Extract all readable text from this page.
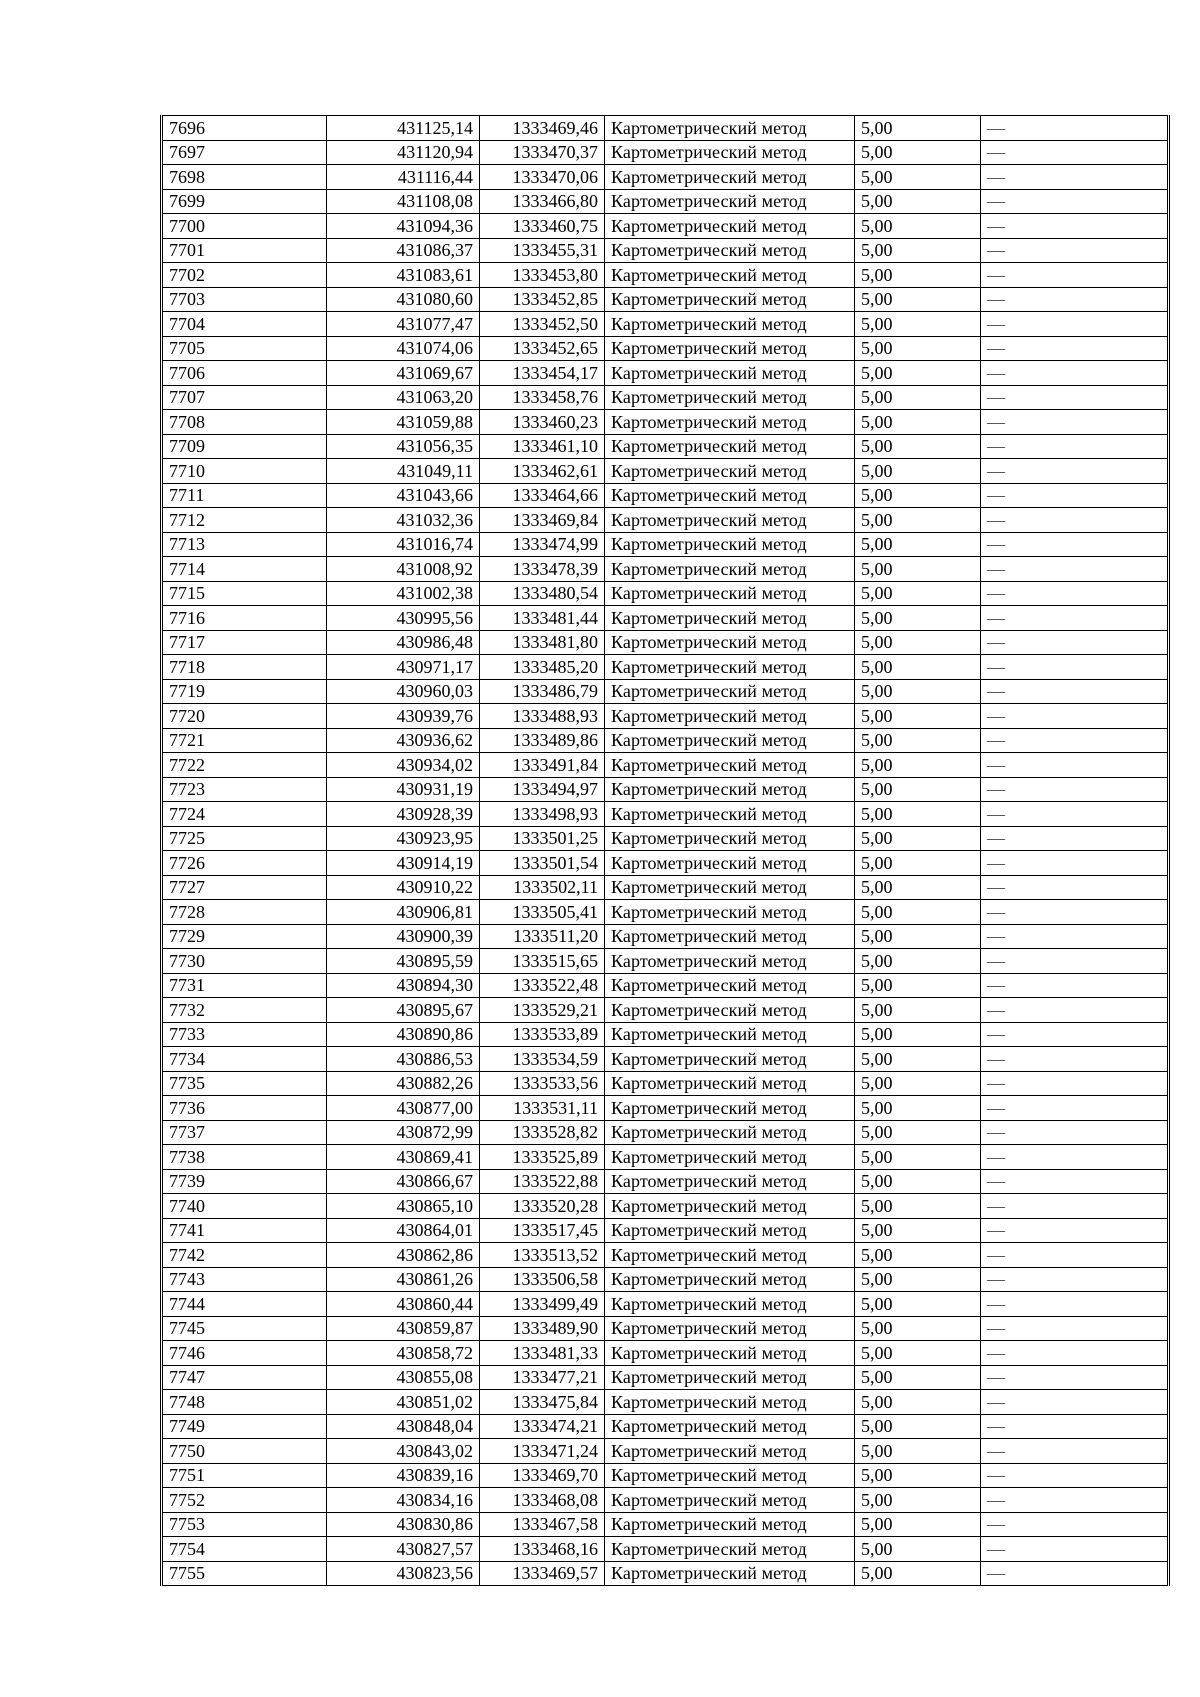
7696	431125,14	1333469,46	Картометрический метод	5,00	—
7697	431120,94	1333470,37	Картометрический метод	5,00	—
7698	431116,44	1333470,06	Картометрический метод	5,00	—
7699	431108,08	1333466,80	Картометрический метод	5,00	—
7700	431094,36	1333460,75	Картометрический метод	5,00	—
7701	431086,37	1333455,31	Картометрический метод	5,00	—
7702	431083,61	1333453,80	Картометрический метод	5,00	—
7703	431080,60	1333452,85	Картометрический метод	5,00	—
7704	431077,47	1333452,50	Картометрический метод	5,00	—
7705	431074,06	1333452,65	Картометрический метод	5,00	—
7706	431069,67	1333454,17	Картометрический метод	5,00	—
7707	431063,20	1333458,76	Картометрический метод	5,00	—
7708	431059,88	1333460,23	Картометрический метод	5,00	—
7709	431056,35	1333461,10	Картометрический метод	5,00	—
7710	431049,11	1333462,61	Картометрический метод	5,00	—
7711	431043,66	1333464,66	Картометрический метод	5,00	—
7712	431032,36	1333469,84	Картометрический метод	5,00	—
7713	431016,74	1333474,99	Картометрический метод	5,00	—
7714	431008,92	1333478,39	Картометрический метод	5,00	—
7715	431002,38	1333480,54	Картометрический метод	5,00	—
7716	430995,56	1333481,44	Картометрический метод	5,00	—
7717	430986,48	1333481,80	Картометрический метод	5,00	—
7718	430971,17	1333485,20	Картометрический метод	5,00	—
7719	430960,03	1333486,79	Картометрический метод	5,00	—
7720	430939,76	1333488,93	Картометрический метод	5,00	—
7721	430936,62	1333489,86	Картометрический метод	5,00	—
7722	430934,02	1333491,84	Картометрический метод	5,00	—
7723	430931,19	1333494,97	Картометрический метод	5,00	—
7724	430928,39	1333498,93	Картометрический метод	5,00	—
7725	430923,95	1333501,25	Картометрический метод	5,00	—
7726	430914,19	1333501,54	Картометрический метод	5,00	—
7727	430910,22	1333502,11	Картометрический метод	5,00	—
7728	430906,81	1333505,41	Картометрический метод	5,00	—
7729	430900,39	1333511,20	Картометрический метод	5,00	—
7730	430895,59	1333515,65	Картометрический метод	5,00	—
7731	430894,30	1333522,48	Картометрический метод	5,00	—
7732	430895,67	1333529,21	Картометрический метод	5,00	—
7733	430890,86	1333533,89	Картометрический метод	5,00	—
7734	430886,53	1333534,59	Картометрический метод	5,00	—
7735	430882,26	1333533,56	Картометрический метод	5,00	—
7736	430877,00	1333531,11	Картометрический метод	5,00	—
7737	430872,99	1333528,82	Картометрический метод	5,00	—
7738	430869,41	1333525,89	Картометрический метод	5,00	—
7739	430866,67	1333522,88	Картометрический метод	5,00	—
7740	430865,10	1333520,28	Картометрический метод	5,00	—
7741	430864,01	1333517,45	Картометрический метод	5,00	—
7742	430862,86	1333513,52	Картометрический метод	5,00	—
7743	430861,26	1333506,58	Картометрический метод	5,00	—
7744	430860,44	1333499,49	Картометрический метод	5,00	—
7745	430859,87	1333489,90	Картометрический метод	5,00	—
7746	430858,72	1333481,33	Картометрический метод	5,00	—
7747	430855,08	1333477,21	Картометрический метод	5,00	—
7748	430851,02	1333475,84	Картометрический метод	5,00	—
7749	430848,04	1333474,21	Картометрический метод	5,00	—
7750	430843,02	1333471,24	Картометрический метод	5,00	—
7751	430839,16	1333469,70	Картометрический метод	5,00	—
7752	430834,16	1333468,08	Картометрический метод	5,00	—
7753	430830,86	1333467,58	Картометрический метод	5,00	—
7754	430827,57	1333468,16	Картометрический метод	5,00	—
7755	430823,56	1333469,57	Картометрический метод	5,00	—
